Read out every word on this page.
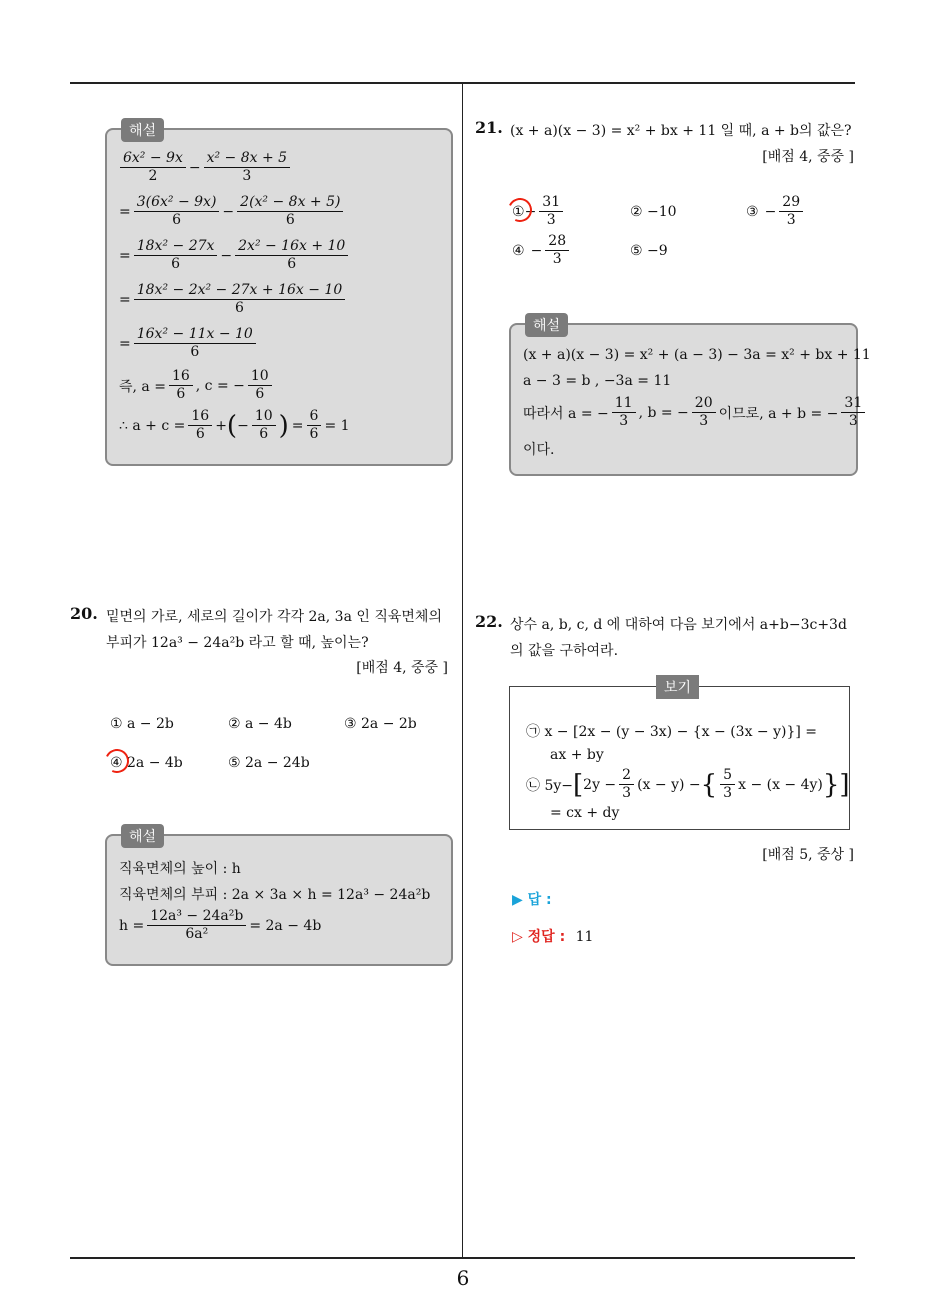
6
해설
$\frac{\text{6x² − 9x}}{2} - \frac{\text{x² − 8x + 5}}{3}$
= $\frac{\text{3(6x² − 9x)}}{6} - \frac{\text{2(x² − 8x + 5)}}{6}$
= $\frac{\text{18x² − 27x}}{6} - \frac{\text{2x² − 16x + 10}}{6}$
= $\frac{\text{18x² − 2x² − 27x + 16x − 10}}{6}$
= $\frac{\text{16x² − 11x − 10}}{6}$
즉, $a = \frac{16}{6}$ , c = − $\frac{10}{6}$
∴ $a + c = \frac{16}{6}$ + ( − $\frac{10}{6}$ ) = $\frac{6}{6} = 1$
20. 밑면의 가로, 세로의 길이가 각각 2a, 3a 인 직육면체의
부피가 12a³ − 24a²b 라고 할 때, 높이는?
[배점 4, 중중 ]
① a − 2b	② a − 4b	③ 2a − 2b
④ 2a − 4b	⑤ 2a − 24b
해설
직육면체의 높이 : h
직육면체의 부피 : 2a × 3a × h = 12a³ − 24a²b
$h = \frac{\text{12a³ − 24a²b}}{\text{6a²}} = 2a - 4b$
21. (x + a)(x − 3) = x² + bx + 11 일 때, a + b의 값은?
[배점 4, 중중 ]
① − $\frac{31}{3}$	② −10	③ − $\frac{29}{3}$
④ − $\frac{28}{3}$	⑤ −9
해설
(x + a)(x − 3) = x² + (a − 3) − 3a = x² + bx + 11
a − 3 = b , −3a = 11
따라서 a = − $\frac{11}{3}$ , b = − $\frac{20}{3}$ 이므로, a + b = − $\frac{31}{3}$
이다.
22. 상수 a, b, c, d 에 대하여 다음 보기에서 a+b−3c+3d
의 값을 구하여라.
보기
㉠ x − [2x − (y − 3x) − {x − (3x − y)}] =
ax + by
㉡ 5y− [ $2y - \frac{2}{3} (x - y)$ − { $\frac{5}{3}$ x − (x − 4y) }]
= cx + dy
[배점 5, 중상 ]
▶ 답 :
▷ 정답 : 11
